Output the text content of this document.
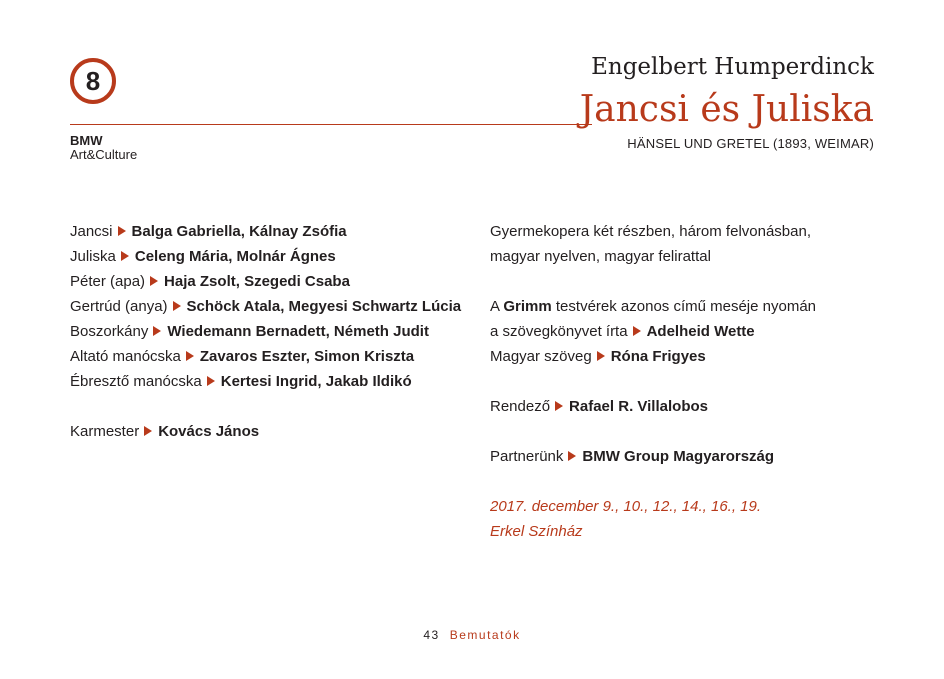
8
BMW
Art&Culture
Engelbert Humperdinck
Jancsi és Juliska
HÄNSEL UND GRETEL (1893, WEIMAR)
Jancsi Balga Gabriella, Kálnay Zsófia
Juliska Celeng Mária, Molnár Ágnes
Péter (apa) Haja Zsolt, Szegedi Csaba
Gertrúd (anya) Schöck Atala, Megyesi Schwartz Lúcia
Boszorkány Wiedemann Bernadett, Németh Judit
Altató manócska Zavaros Eszter, Simon Kriszta
Ébresztő manócska Kertesi Ingrid, Jakab Ildikó
Karmester Kovács János
Gyermekopera két részben, három felvonásban,
magyar nyelven, magyar felirattal
A Grimm testvérek azonos című meséje nyomán
a szövegkönyvet írta Adelheid Wette
Magyar szöveg Róna Frigyes
Rendező Rafael R. Villalobos
Partnerünk BMW Group Magyarország
2017. december 9., 10., 12., 14., 16., 19.
Erkel Színház
43 Bemutatók
